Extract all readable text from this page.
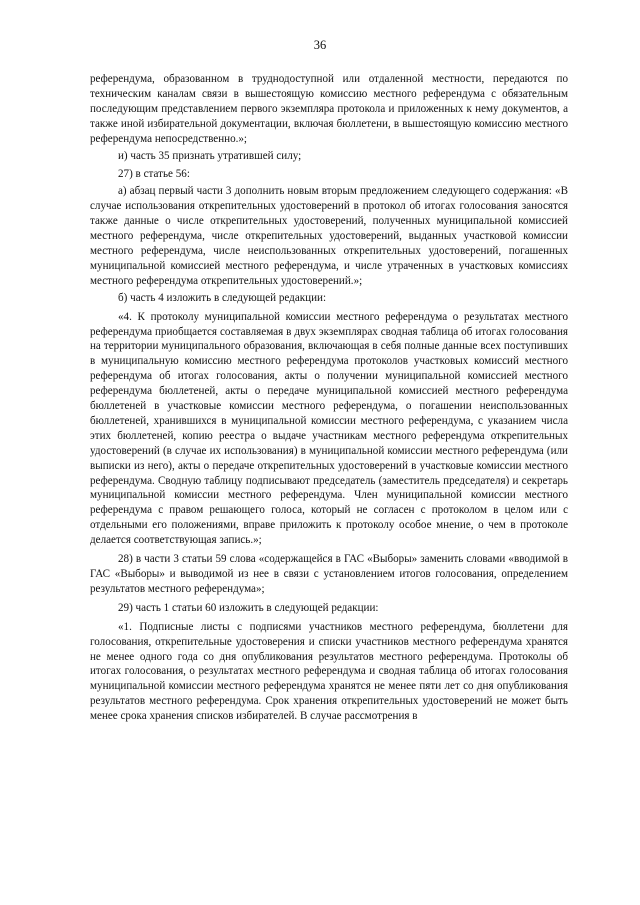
36

референдума, образованном в труднодоступной или отдаленной местности, передаются по техническим каналам связи в вышестоящую комиссию местного референдума с обязательным последующим представлением первого экземпляра протокола и приложенных к нему документов, а также иной избирательной документации, включая бюллетени, в вышестоящую комиссию местного референдума непосредственно.»;

и) часть 35 признать утратившей силу;

27) в статье 56:

а) абзац первый части 3 дополнить новым вторым предложением следующего содержания: «В случае использования открепительных удостоверений в протокол об итогах голосования заносятся также данные о числе открепительных удостоверений, полученных муниципальной комиссией местного референдума, числе открепительных удостоверений, выданных участковой комиссии местного референдума, числе неиспользованных открепительных удостоверений, погашенных муниципальной комиссией местного референдума, и числе утраченных в участковых комиссиях местного референдума открепительных удостоверений.»;

б) часть 4 изложить в следующей редакции:

«4. К протоколу муниципальной комиссии местного референдума о результатах местного референдума приобщается составляемая в двух экземплярах сводная таблица об итогах голосования на территории муниципального образования, включающая в себя полные данные всех поступивших в муниципальную комиссию местного референдума протоколов участковых комиссий местного референдума об итогах голосования, акты о получении муниципальной комиссией местного референдума бюллетеней, акты о передаче муниципальной комиссией местного референдума бюллетеней в участковые комиссии местного референдума, о погашении неиспользованных бюллетеней, хранившихся в муниципальной комиссии местного референдума, с указанием числа этих бюллетеней, копию реестра о выдаче участникам местного референдума открепительных удостоверений (в случае их использования) в муниципальной комиссии местного референдума (или выписки из него), акты о передаче открепительных удостоверений в участковые комиссии местного референдума. Сводную таблицу подписывают председатель (заместитель председателя) и секретарь муниципальной комиссии местного референдума. Член муниципальной комиссии местного референдума с правом решающего голоса, который не согласен с протоколом в целом или с отдельными его положениями, вправе приложить к протоколу особое мнение, о чем в протоколе делается соответствующая запись.»;

28) в части 3 статьи 59 слова «содержащейся в ГАС «Выборы» заменить словами «вводимой в ГАС «Выборы» и выводимой из нее в связи с установлением итогов голосования, определением результатов местного референдума»;

29) часть 1 статьи 60 изложить в следующей редакции:

«1. Подписные листы с подписями участников местного референдума, бюллетени для голосования, открепительные удостоверения и списки участников местного референдума хранятся не менее одного года со дня опубликования результатов местного референдума. Протоколы об итогах голосования, о результатах местного референдума и сводная таблица об итогах голосования муниципальной комиссии местного референдума хранятся не менее пяти лет со дня опубликования результатов местного референдума. Срок хранения открепительных удостоверений не может быть менее срока хранения списков избирателей. В случае рассмотрения в
